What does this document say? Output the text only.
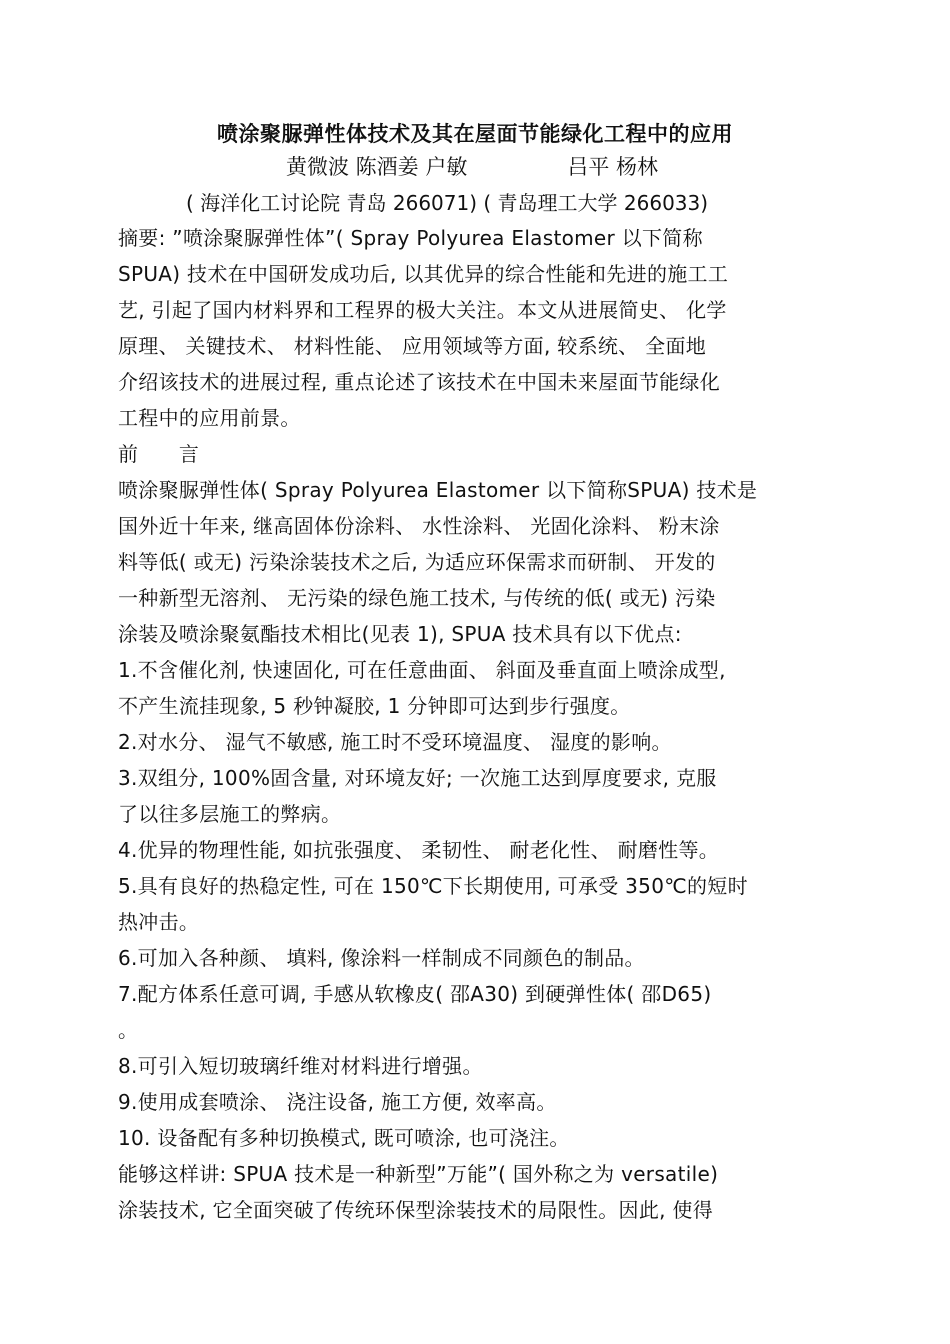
喷涂聚脲弹性体技术及其在屋面节能绿化工程中的应用
黄微波 陈酒姜 户敏	吕平 杨林
( 海洋化工讨论院 青岛 266071) ( 青岛理工大学 266033)
摘要: ”喷涂聚脲弹性体”( Spray Polyurea Elastomer 以下简称
SPUA) 技术在中国研发成功后, 以其优异的综合性能和先进的施工工
艺, 引起了国内材料界和工程界的极大关注。本文从进展简史、 化学
原理、 关键技术、 材料性能、 应用领域等方面, 较系统、 全面地
介绍该技术的进展过程, 重点论述了该技术在中国未来屋面节能绿化
工程中的应用前景。
前　　言
喷涂聚脲弹性体( Spray Polyurea Elastomer 以下简称SPUA) 技术是
国外近十年来, 继高固体份涂料、 水性涂料、 光固化涂料、 粉末涂
料等低( 或无) 污染涂装技术之后, 为适应环保需求而研制、 开发的
一种新型无溶剂、 无污染的绿色施工技术, 与传统的低( 或无) 污染
涂装及喷涂聚氨酯技术相比(见表 1), SPUA 技术具有以下优点:
1.不含催化剂, 快速固化, 可在任意曲面、 斜面及垂直面上喷涂成型,
不产生流挂现象, 5 秒钟凝胶, 1 分钟即可达到步行强度。
2.对水分、 湿气不敏感, 施工时不受环境温度、 湿度的影响。
3.双组分, 100%固含量, 对环境友好; 一次施工达到厚度要求, 克服
了以往多层施工的弊病。
4.优异的物理性能, 如抗张强度、 柔韧性、 耐老化性、 耐磨性等。
5.具有良好的热稳定性, 可在 150℃下长期使用, 可承受 350℃的短时
热冲击。
6.可加入各种颜、 填料, 像涂料一样制成不同颜色的制品。
7.配方体系任意可调, 手感从软橡皮( 邵A30) 到硬弹性体( 邵D65)
。
8.可引入短切玻璃纤维对材料进行增强。
9.使用成套喷涂、 浇注设备, 施工方便, 效率高。
10. 设备配有多种切换模式, 既可喷涂, 也可浇注。
能够这样讲: SPUA 技术是一种新型”万能”( 国外称之为 versatile)
涂装技术, 它全面突破了传统环保型涂装技术的局限性。因此, 使得
